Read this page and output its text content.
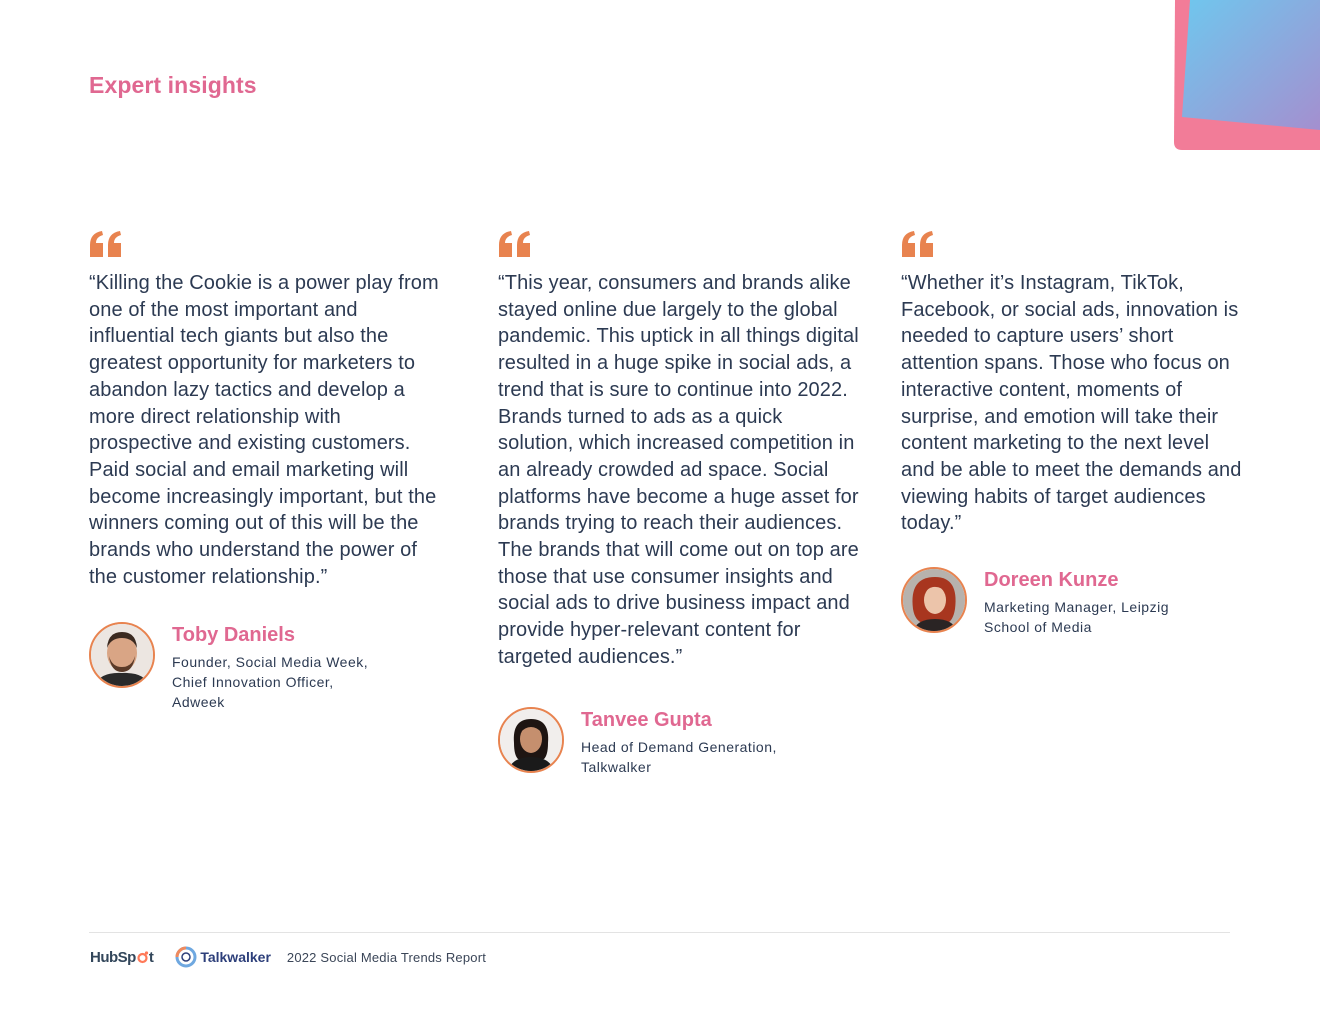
Expert insights

“Killing the Cookie is a power play from one of the most important and influential tech giants but also the greatest opportunity for marketers to abandon lazy tactics and develop a more direct relationship with prospective and existing customers. Paid social and email marketing will become increasingly important, but the winners coming out of this will be the brands who understand the power of the customer relationship.”

Toby Daniels

Founder, Social Media Week, Chief Innovation Officer, Adweek

“This year, consumers and brands alike stayed online due largely to the global pandemic. This uptick in all things digital resulted in a huge spike in social ads, a trend that is sure to continue into 2022. Brands turned to ads as a quick solution, which increased competition in an already crowded ad space. Social platforms have become a huge asset for brands trying to reach their audiences. The brands that will come out on top are those that use consumer insights and social ads to drive business impact and provide hyper-relevant content for targeted audiences.”

Tanvee Gupta

Head of Demand Generation, Talkwalker

“Whether it’s Instagram, TikTok, Facebook, or social ads, innovation is needed to capture users’ short attention spans. Those who focus on interactive content, moments of surprise, and emotion will take their content marketing to the next level and be able to meet the demands and viewing habits of target audiences today.”

Doreen Kunze

Marketing Manager, Leipzig School of Media

HubSp t	Talkwalker 2022 Social Media Trends Report
